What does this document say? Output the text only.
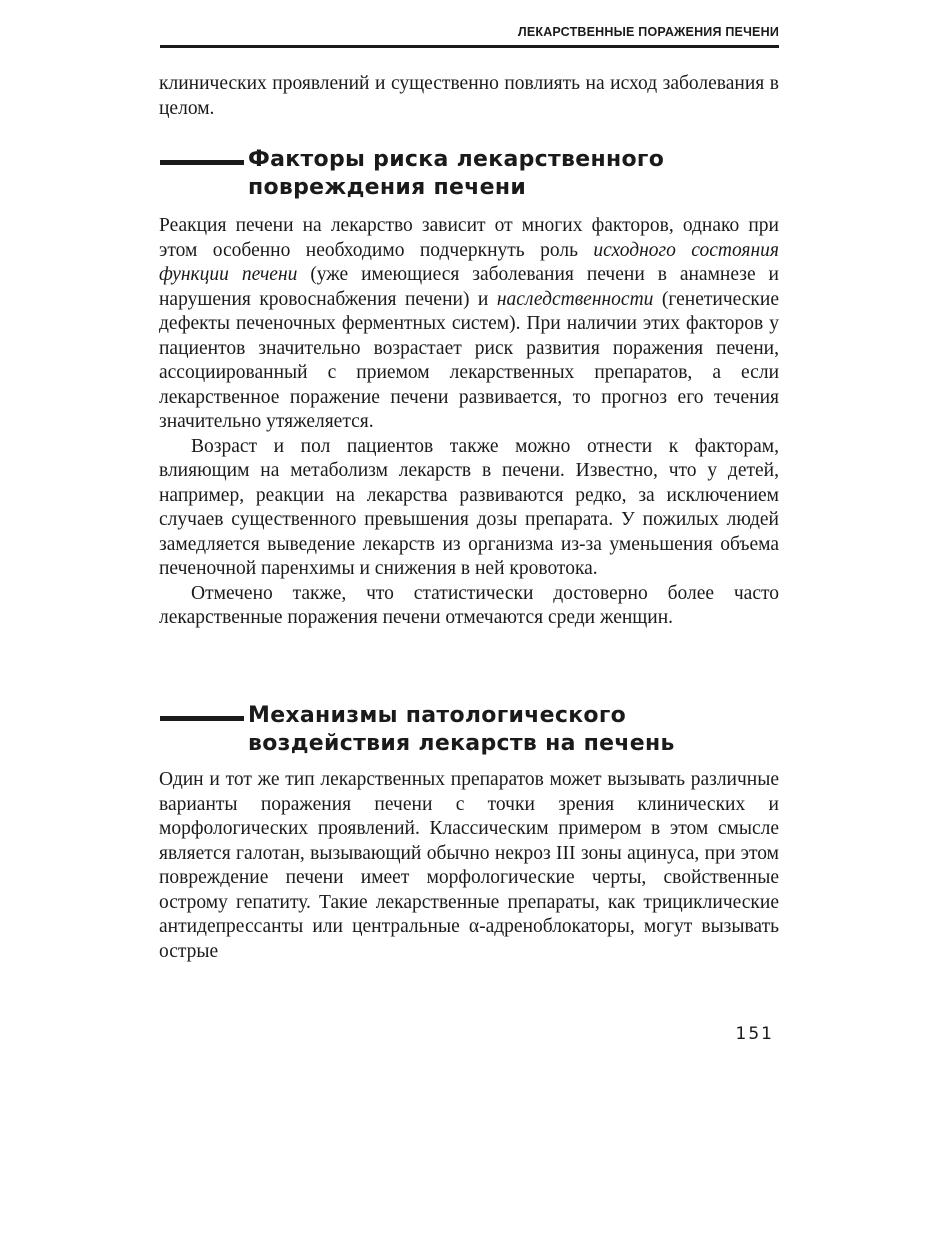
ЛЕКАРСТВЕННЫЕ ПОРАЖЕНИЯ ПЕЧЕНИ

клинических проявлений и существенно повлиять на исход заболевания в целом.

Факторы риска лекарственного
повреждения печени

Реакция печени на лекарство зависит от многих факторов, однако при этом особенно необходимо подчеркнуть роль исходного состояния функции печени (уже имеющиеся заболевания печени в анамнезе и нарушения кровоснабжения печени) и наследственности (генетические дефекты печеночных ферментных систем). При наличии этих факторов у пациентов значительно возрастает риск развития поражения печени, ассоциированный с приемом лекарственных препаратов, а если лекарственное поражение печени развивается, то прогноз его течения значительно утяжеляется.

Возраст и пол пациентов также можно отнести к факторам, влияющим на метаболизм лекарств в печени. Известно, что у детей, например, реакции на лекарства развиваются редко, за исключением случаев существенного превышения дозы препарата. У пожилых людей замедляется выведение лекарств из организма из-за уменьшения объема печеночной паренхимы и снижения в ней кровотока.

Отмечено также, что статистически достоверно более часто лекарственные поражения печени отмечаются среди женщин.

Механизмы патологического
воздействия лекарств на печень

Один и тот же тип лекарственных препаратов может вызывать различные варианты поражения печени с точки зрения клинических и морфологических проявлений. Классическим примером в этом смысле является галотан, вызывающий обычно некроз III зоны ацинуса, при этом повреждение печени имеет морфологические черты, свойственные острому гепатиту. Такие лекарственные препараты, как трициклические антидепрессанты или центральные α-адреноблокаторы, могут вызывать острые

151
